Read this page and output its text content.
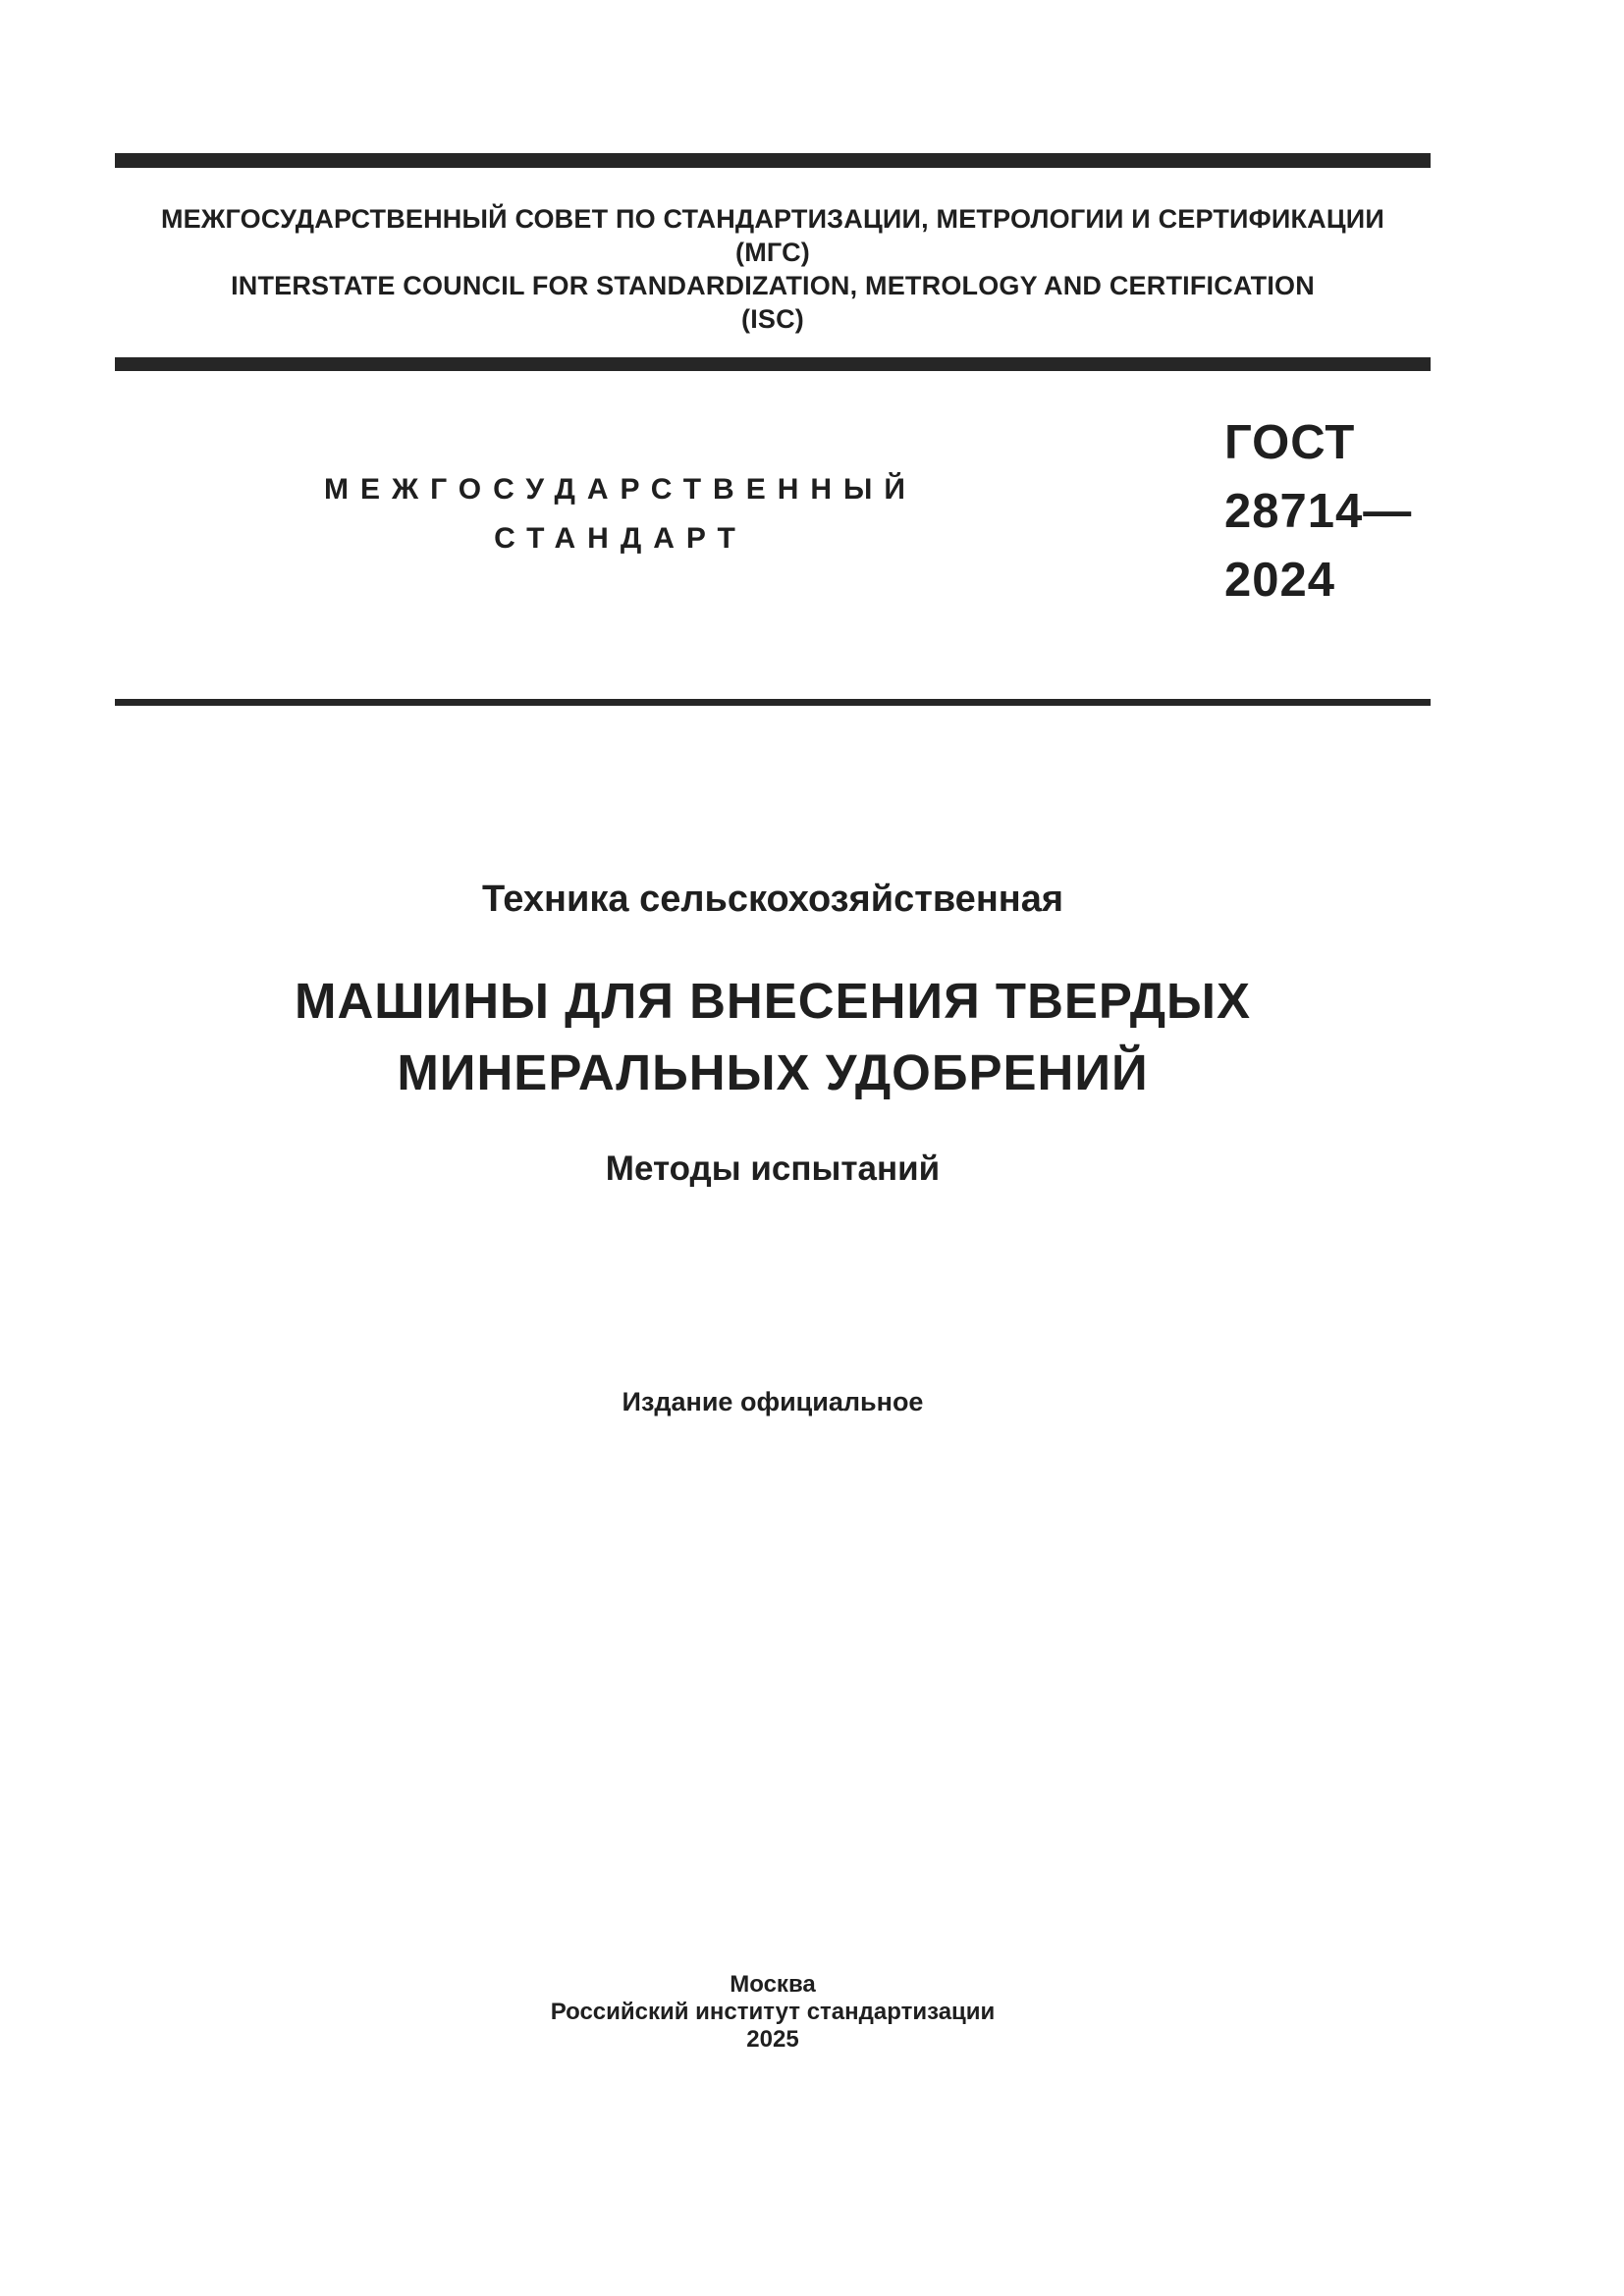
МЕЖГОСУДАРСТВЕННЫЙ СОВЕТ ПО СТАНДАРТИЗАЦИИ, МЕТРОЛОГИИ И СЕРТИФИКАЦИИ
(МГС)
INTERSTATE COUNCIL FOR STANDARDIZATION, METROLOGY AND CERTIFICATION
(ISC)
МЕЖГОСУДАРСТВЕННЫЙ
СТАНДАРТ
ГОСТ
28714—
2024
Техника сельскохозяйственная
МАШИНЫ ДЛЯ ВНЕСЕНИЯ ТВЕРДЫХ
МИНЕРАЛЬНЫХ УДОБРЕНИЙ
Методы испытаний
Издание официальное
Москва
Российский институт стандартизации
2025
